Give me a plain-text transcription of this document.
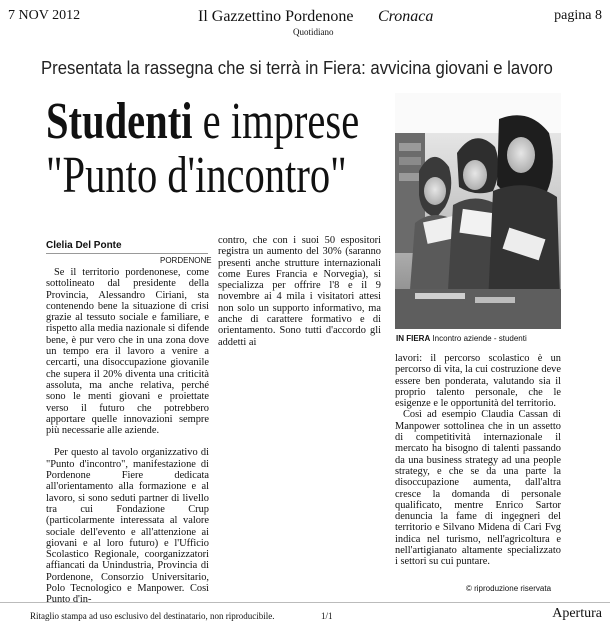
7 NOV 2012	Il Gazzettino Pordenone Cronaca
Quotidiano
pagina 8
Presentata la rassegna che si terrà in Fiera: avvicina giovani e lavoro
Studenti e imprese
"Punto d'incontro"
Clelia Del Ponte
PORDENONE

Se il territorio pordenonese, come sottolineato dal presidente della Provincia, Alessandro Ciriani, sta contenendo bene la situazione di crisi grazie al tessuto sociale e familiare, e rispetto alla media nazionale si difende bene, è pur vero che in una zona dove un tempo era il lavoro a venire a cercarti, una disoccupazione giovanile che supera il 20% diventa una criticità assoluta, ma anche relativa, perché sono le menti giovani e proiettate verso il futuro che potrebbero apportare quelle innovazioni sempre più necessarie alle aziende.

Per questo al tavolo organizzativo di "Punto d'incontro", manifestazione di Pordenone Fiere dedicata all'orientamento alla formazione e al lavoro, si sono seduti partner di livello tra cui Fondazione Crup (particolarmente interessata al valore sociale dell'evento e all'attenzione ai giovani e al loro futuro) e l'Ufficio Scolastico Regionale, coorganizzatori affiancati da Unindustria, Provincia di Pordenone, Consorzio Universitario, Polo Tecnologico e Manpower. Così Punto d'in-

contro, che con i suoi 50 espositori registra un aumento del 30% (saranno presenti anche strutture internazionali come Eures Francia e Norvegia), si specializza per offrire l'8 e il 9 novembre ai 4 mila i visitatori attesi non solo un supporto informativo, ma anche di carattere formativo e di orientamento. Sono tutti d'accordo gli addetti ai	IN FIERA Incontro aziende - studenti

lavori: il percorso scolastico è un percorso di vita, la cui costruzione deve essere ben ponderata, valutando sia il proprio talento personale, che le esigenze e le opportunità del territorio.

Così ad esempio Claudia Cassan di Manpower sottolinea che in un assetto di competitività internazionale il mercato ha bisogno di talenti passando da una business strategy ad una people strategy, e che se da una parte la disoccupazione aumenta, dall'altra cresce la domanda di personale qualificato, mentre Enrico Sartor denuncia la fame di ingegneri del territorio e Silvano Midena di Cari Fvg indica nel turismo, nell'agricoltura e nell'artigianato altamente specializzato i settori su cui puntare.

© riproduzione riservata
Ritaglio stampa ad uso esclusivo del destinatario, non riproducibile.	1/1	Apertura
